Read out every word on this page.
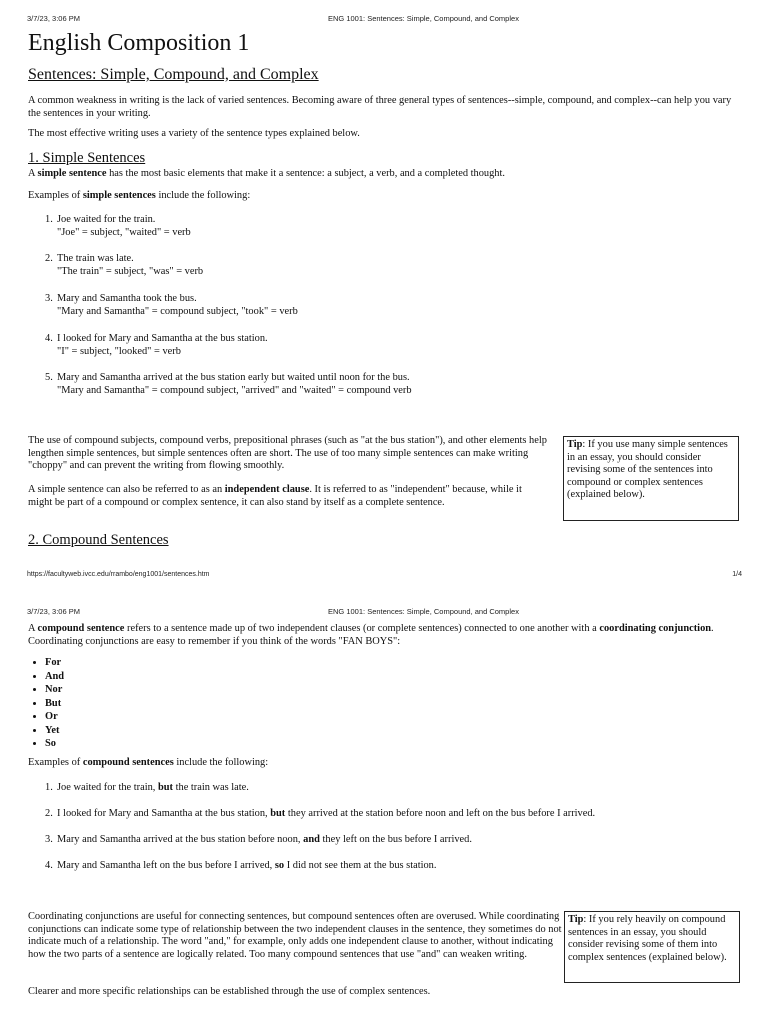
3/7/23, 3:06 PM	ENG 1001: Sentences: Simple, Compound, and Complex
English Composition 1
Sentences: Simple, Compound, and Complex

A common weakness in writing is the lack of varied sentences. Becoming aware of three general types of sentences--simple, compound, and complex--can help you vary the sentences in your writing.

The most effective writing uses a variety of the sentence types explained below.

1. Simple Sentences

A simple sentence has the most basic elements that make it a sentence: a subject, a verb, and a completed thought.

Examples of simple sentences include the following:

1. Joe waited for the train.
"Joe" = subject, "waited" = verb
2. The train was late.
"The train" = subject, "was" = verb
3. Mary and Samantha took the bus.
"Mary and Samantha" = compound subject, "took" = verb
4. I looked for Mary and Samantha at the bus station.
"I" = subject, "looked" = verb
5. Mary and Samantha arrived at the bus station early but waited until noon for the bus.
"Mary and Samantha" = compound subject, "arrived" and "waited" = compound verb

The use of compound subjects, compound verbs, prepositional phrases (such as "at the bus station"), and other elements help lengthen simple sentences, but simple sentences often are short. The use of too many simple sentences can make writing "choppy" and can prevent the writing from flowing smoothly.

A simple sentence can also be referred to as an independent clause. It is referred to as "independent" because, while it might be part of a compound or complex sentence, it can also stand by itself as a complete sentence.

Tip: If you use many simple sentences in an essay, you should consider revising some of the sentences into compound or complex sentences (explained below).
2. Compound Sentences
https://facultyweb.ivcc.edu/rrambo/eng1001/sentences.htm	1/4
3/7/23, 3:06 PM	ENG 1001: Sentences: Simple, Compound, and Complex

A compound sentence refers to a sentence made up of two independent clauses (or complete sentences) connected to one another with a coordinating conjunction. Coordinating conjunctions are easy to remember if you think of the words "FAN BOYS":

• For
• And
• Nor
• But
• Or
• Yet
• So

Examples of compound sentences include the following:

1. Joe waited for the train, but the train was late.
2. I looked for Mary and Samantha at the bus station, but they arrived at the station before noon and left on the bus before I arrived.
3. Mary and Samantha arrived at the bus station before noon, and they left on the bus before I arrived.
4. Mary and Samantha left on the bus before I arrived, so I did not see them at the bus station.

Coordinating conjunctions are useful for connecting sentences, but compound sentences often are overused. While coordinating conjunctions can indicate some type of relationship between the two independent clauses in the sentence, they sometimes do not indicate much of a relationship. The word "and," for example, only adds one independent clause to another, without indicating how the two parts of a sentence are logically related. Too many compound sentences that use "and" can weaken writing.

Clearer and more specific relationships can be established through the use of complex sentences.

Tip: If you rely heavily on compound sentences in an essay, you should consider revising some of them into complex sentences (explained below).
